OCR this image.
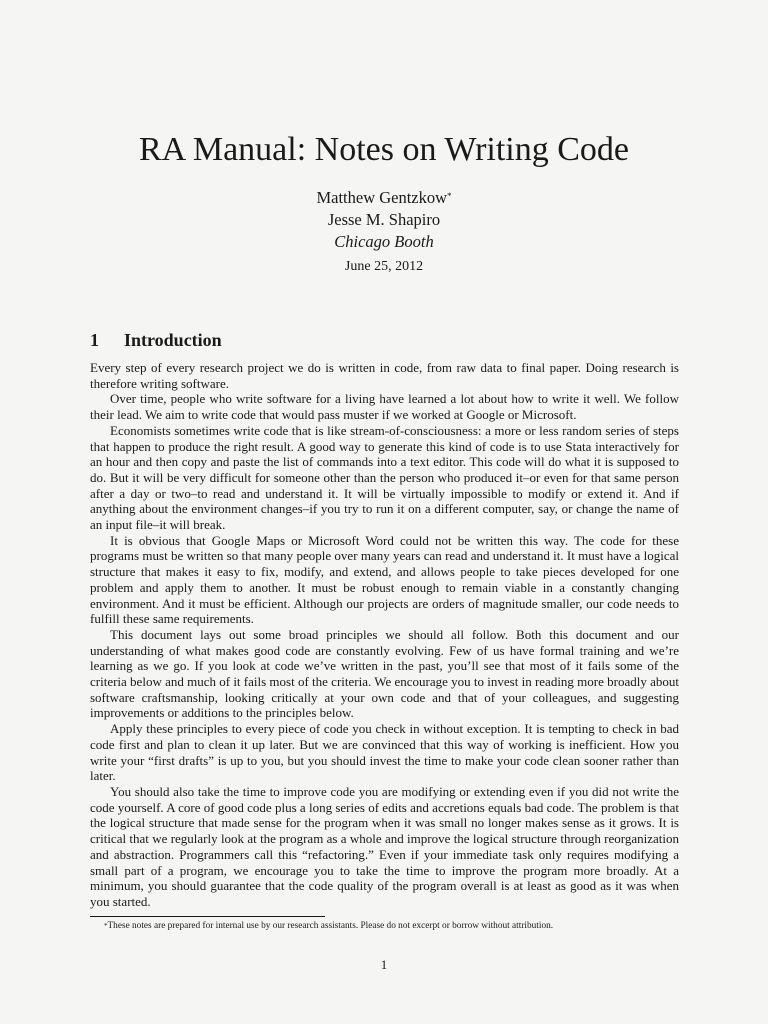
RA Manual: Notes on Writing Code
Matthew Gentzkow*
Jesse M. Shapiro
Chicago Booth
June 25, 2012
1 Introduction

Every step of every research project we do is written in code, from raw data to final paper. Doing research is therefore writing software.

Over time, people who write software for a living have learned a lot about how to write it well. We follow their lead. We aim to write code that would pass muster if we worked at Google or Microsoft.

Economists sometimes write code that is like stream-of-consciousness: a more or less random series of steps that happen to produce the right result. A good way to generate this kind of code is to use Stata interactively for an hour and then copy and paste the list of commands into a text editor. This code will do what it is supposed to do. But it will be very difficult for someone other than the person who produced it–or even for that same person after a day or two–to read and understand it. It will be virtually impossible to modify or extend it. And if anything about the environment changes–if you try to run it on a different computer, say, or change the name of an input file–it will break.

It is obvious that Google Maps or Microsoft Word could not be written this way. The code for these programs must be written so that many people over many years can read and understand it. It must have a logical structure that makes it easy to fix, modify, and extend, and allows people to take pieces developed for one problem and apply them to another. It must be robust enough to remain viable in a constantly changing environment. And it must be efficient. Although our projects are orders of magnitude smaller, our code needs to fulfill these same requirements.

This document lays out some broad principles we should all follow. Both this document and our understanding of what makes good code are constantly evolving. Few of us have formal training and we’re learning as we go. If you look at code we’ve written in the past, you’ll see that most of it fails some of the criteria below and much of it fails most of the criteria. We encourage you to invest in reading more broadly about software craftsmanship, looking critically at your own code and that of your colleagues, and suggesting improvements or additions to the principles below.

Apply these principles to every piece of code you check in without exception. It is tempting to check in bad code first and plan to clean it up later. But we are convinced that this way of working is inefficient. How you write your “first drafts” is up to you, but you should invest the time to make your code clean sooner rather than later.

You should also take the time to improve code you are modifying or extending even if you did not write the code yourself. A core of good code plus a long series of edits and accretions equals bad code. The problem is that the logical structure that made sense for the program when it was small no longer makes sense as it grows. It is critical that we regularly look at the program as a whole and improve the logical structure through reorganization and abstraction. Programmers call this “refactoring.” Even if your immediate task only requires modifying a small part of a program, we encourage you to take the time to improve the program more broadly. At a minimum, you should guarantee that the code quality of the program overall is at least as good as it was when you started.

*These notes are prepared for internal use by our research assistants. Please do not excerpt or borrow without attribution.
1
